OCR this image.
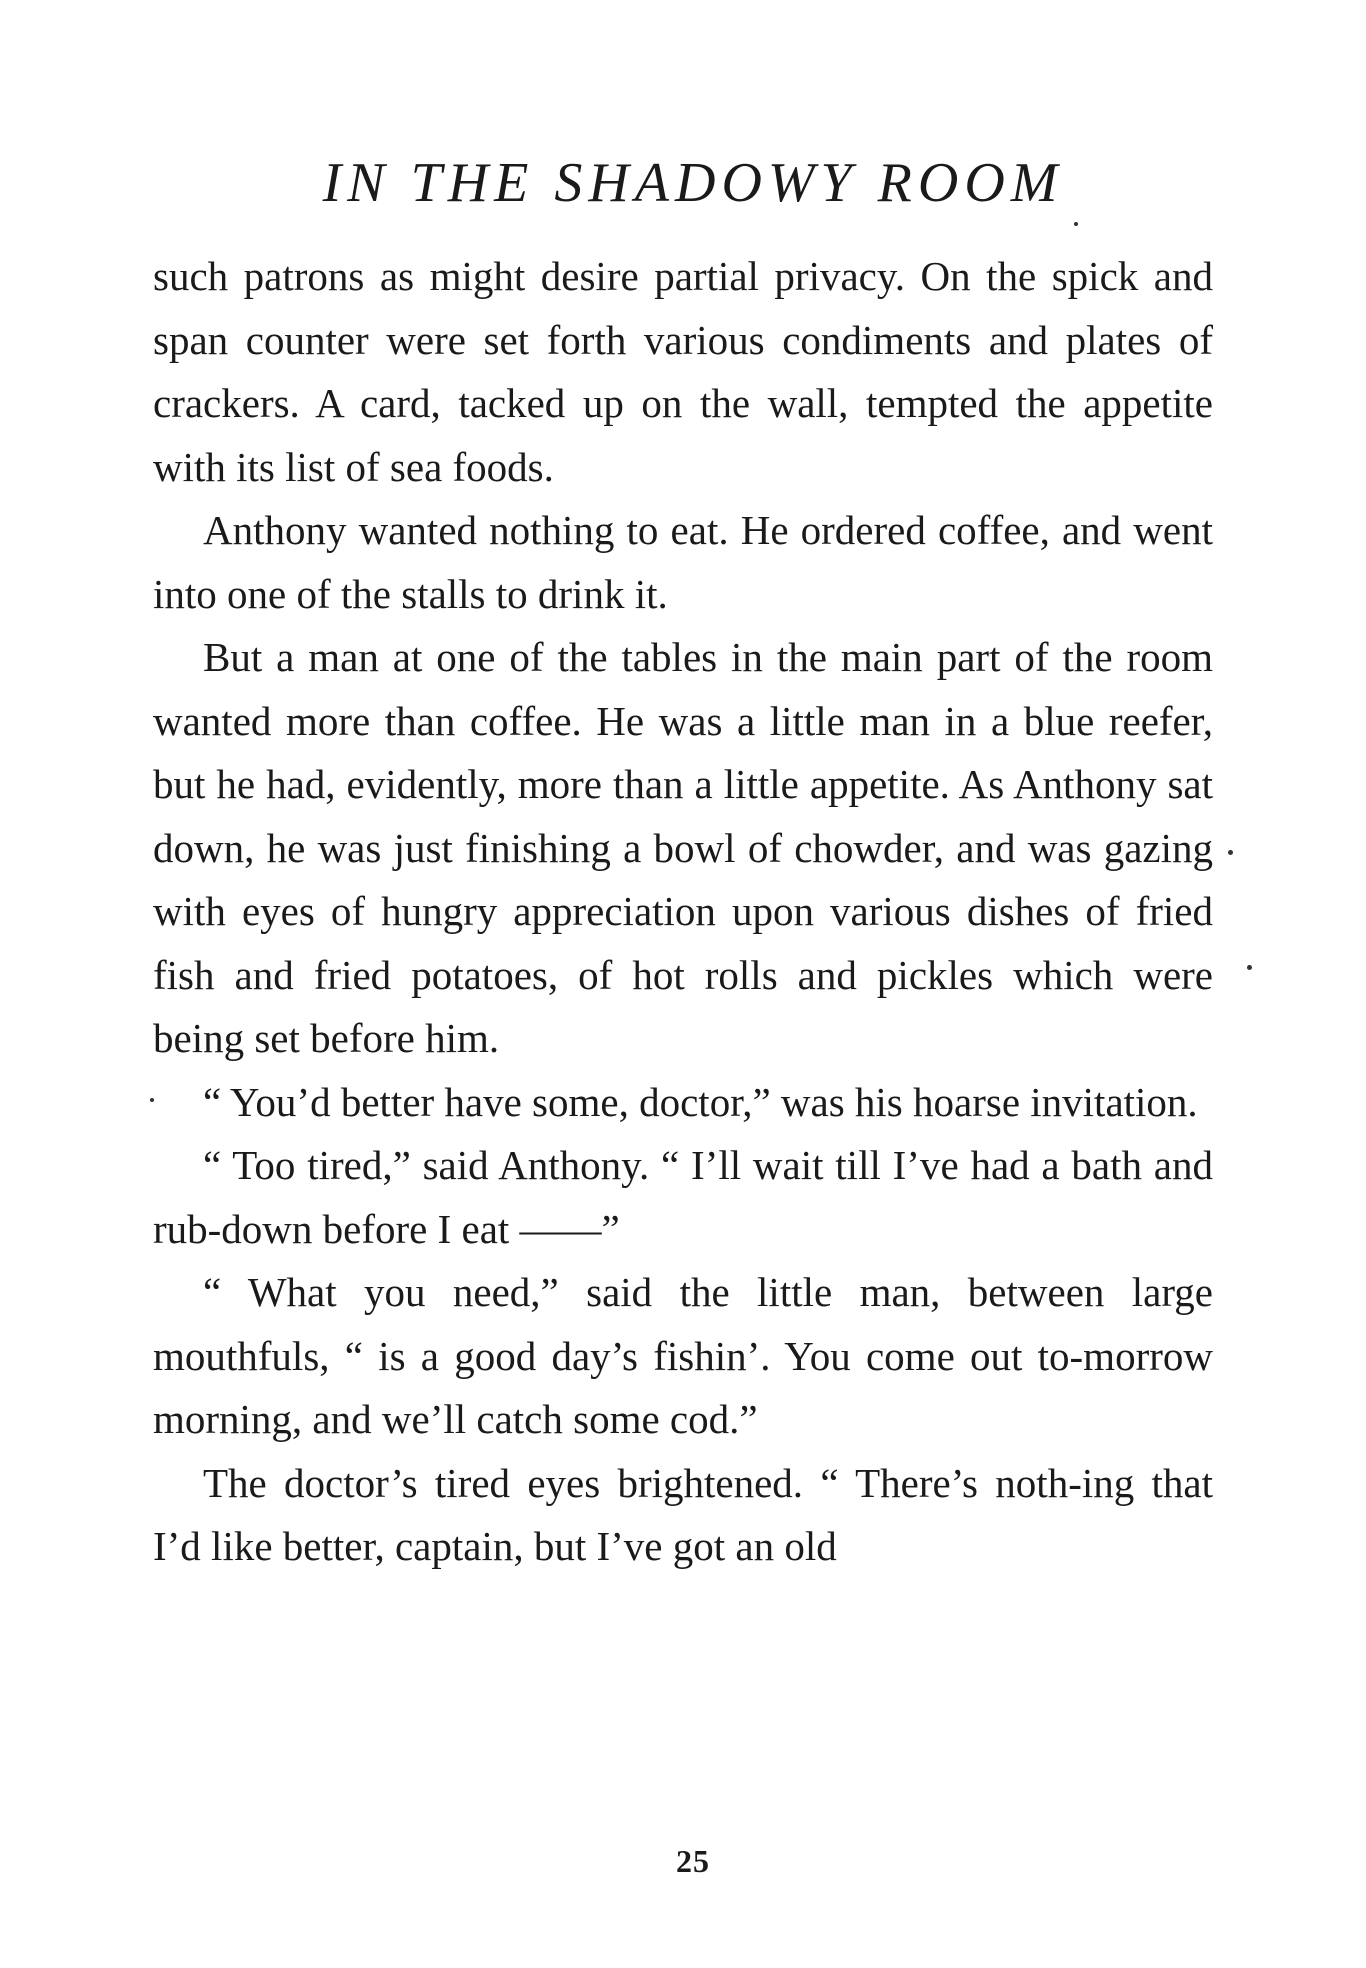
IN THE SHADOWY ROOM

such patrons as might desire partial privacy. On the spick and span counter were set forth various condiments and plates of crackers. A card, tacked up on the wall, tempted the appetite with its list of sea foods.

Anthony wanted nothing to eat. He ordered coffee, and went into one of the stalls to drink it.

But a man at one of the tables in the main part of the room wanted more than coffee. He was a little man in a blue reefer, but he had, evidently, more than a little appetite. As Anthony sat down, he was just finishing a bowl of chowder, and was gazing with eyes of hungry appreciation upon various dishes of fried fish and fried potatoes, of hot rolls and pickles which were being set before him.

“ You’d better have some, doctor,” was his hoarse invitation.

“ Too tired,” said Anthony. “ I’ll wait till I’ve had a bath and rub-down before I eat ——”

“ What you need,” said the little man, between large mouthfuls, “ is a good day’s fishin’. You come out to-morrow morning, and we’ll catch some cod.”

The doctor’s tired eyes brightened. “ There’s noth-ing that I’d like better, captain, but I’ve got an old

25
